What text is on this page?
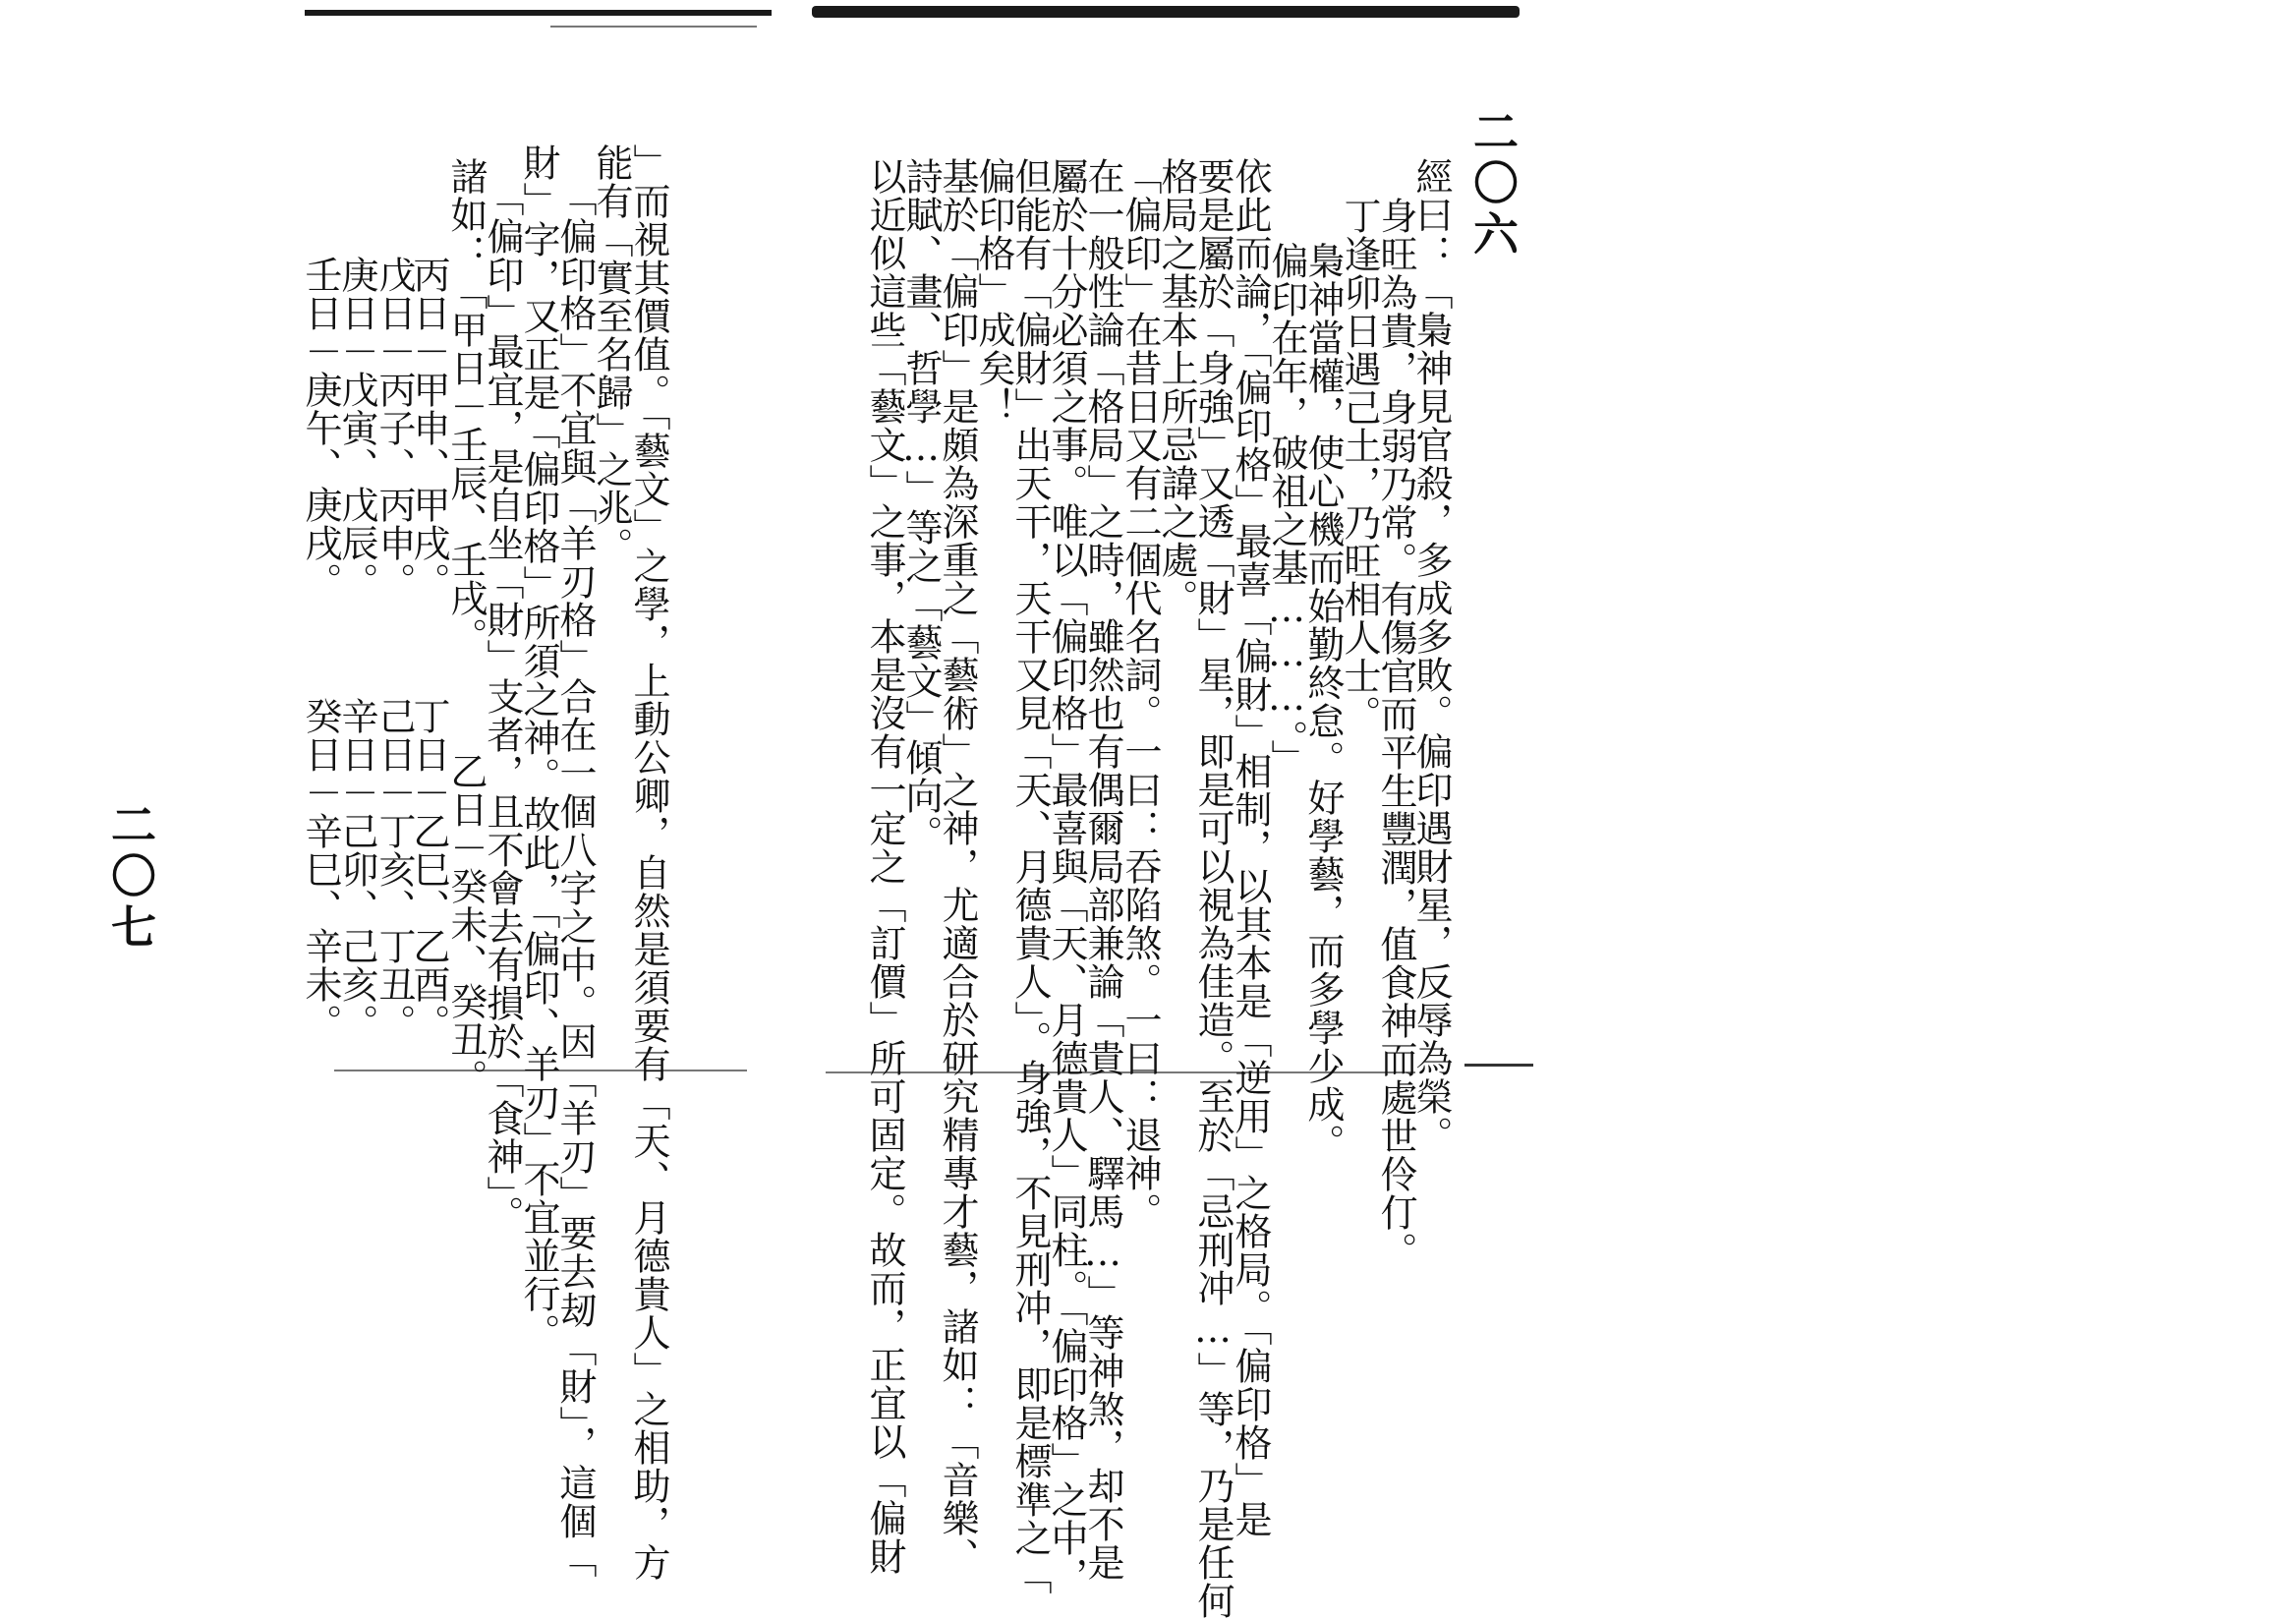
能有「實至名歸」之兆。
」而視其價值。「藝文」之學，上動公卿，自然是須要有「天、月德貴人」之相助，方
「偏印格」不宜與「羊刃格」合在一個八字之中。因「羊刃」要去刼「財」，這個「
財」字，又正是「偏印格」所須之神。故此，「偏印、羊刃」不宜並行。
「偏印」最宜，是自坐「財」支者，且不會去有損於「食神」。
諸如：「甲日－壬辰、壬戌。　　　乙日－癸未、癸丑。
丙日－甲申、甲戌。　　　丁日－乙巳、乙酉。
戊日－丙子、丙申。　　　己日－丁亥、丁丑。
庚日－戊寅、戊辰。　　　辛日－己卯、己亥。
壬日－庚午、庚戌。　　　癸日－辛巳、辛未。
二〇七	經曰：「梟神見官殺，多成多敗。偏印遇財星，反辱為榮。
身旺為貴，身弱乃常。有傷官而平生豐潤，值食神而處世伶仃。
丁逢卯日遇己土，乃旺相人士。
梟神當權，使心機而始勤終怠。好學藝，而多學少成。
偏印在年，破祖之基………。」
依此而論，「偏印格」最喜「偏財」相制，以其本是「逆用」之格局。「偏印格」是
要是屬於「身強」又透「財」星，即是可以視為佳造。至於「忌刑冲…」等，乃是任何
格局之基本上所忌諱之處。	二〇六
「偏印」在昔日又有二個代名詞。一曰：吞陷煞。一曰：退神。
在一般性論「格局」之時，雖然也有偶爾局部兼論「貴人、驛馬…」等神煞，却不是
屬於十分必須之事。唯以「偏印格」最喜與「天、月德貴人」同柱。「偏印格」之中，
但能有「偏財」出天干，天干又見「天、月德貴人」。身強，不見刑冲，即是標準之「
偏印格」成矣！
基於「偏印」是頗為深重之「藝術」之神，尤適合於研究精專才藝，諸如：「音樂、
詩賦、畫、哲學…」等之「藝文」傾向。
以近似這些「藝文」之事，本是沒有一定之「訂價」所可固定。故而，正宜以「偏財
